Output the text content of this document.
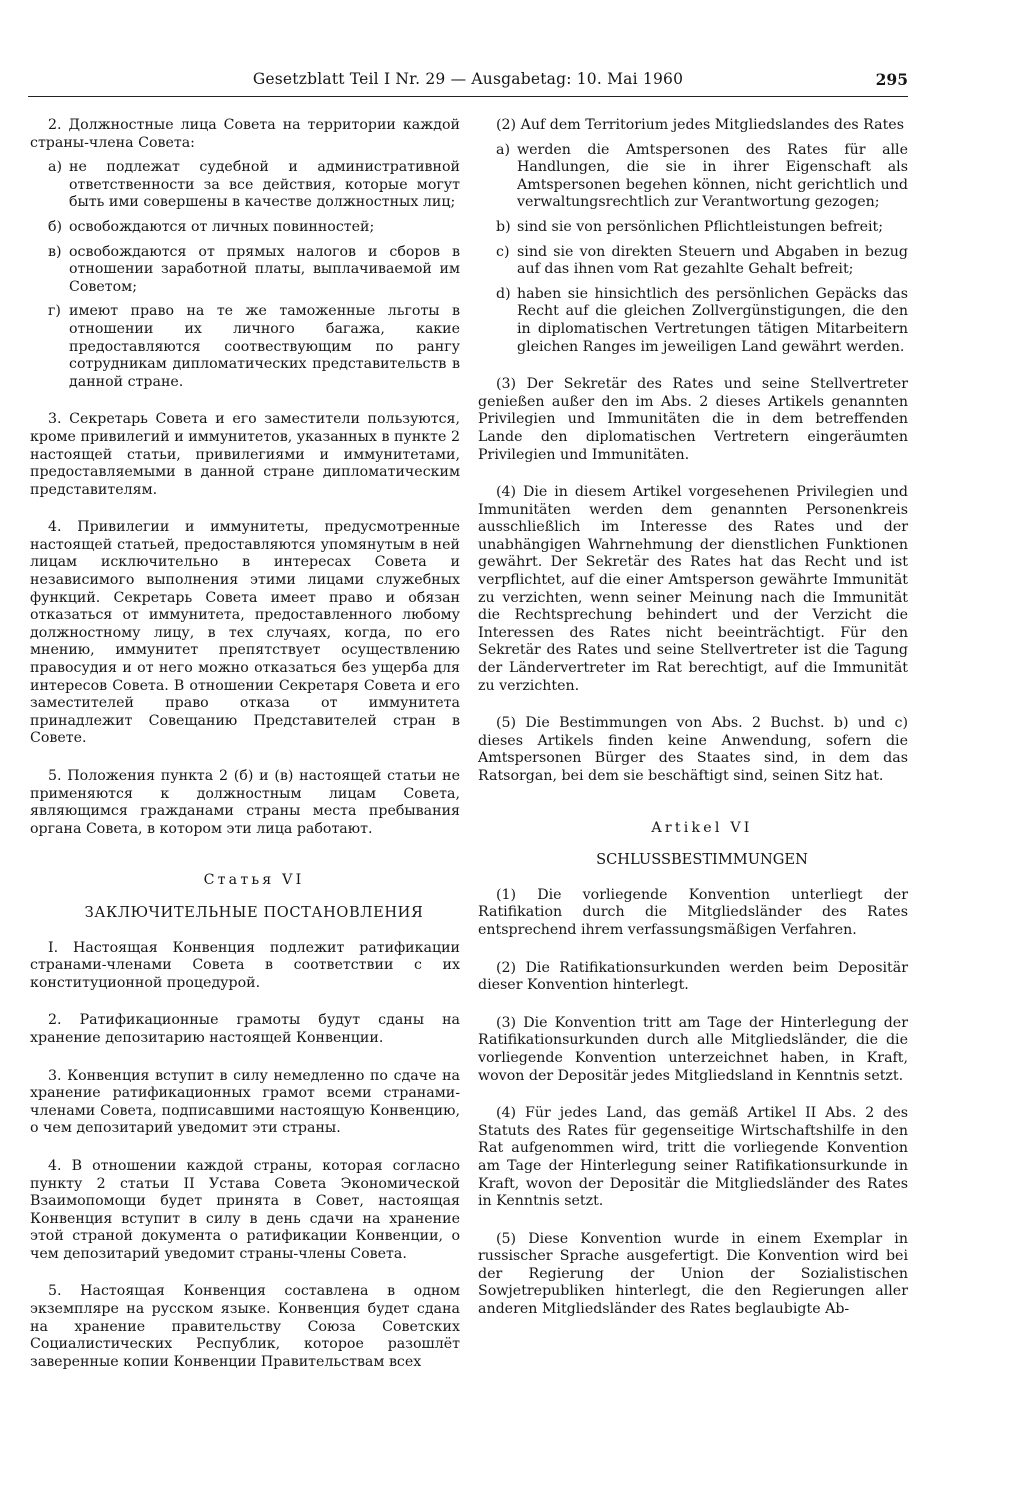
Gesetzblatt Teil I Nr. 29 — Ausgabetag: 10. Mai 1960	295

2. Должностные лица Совета на территории каждой страны-члена Совета:

а) не подлежат судебной и административной ответственности за все действия, которые могут быть ими совершены в качестве должностных лиц;
б) освобождаются от личных повинностей;
в) освобождаются от прямых налогов и сборов в отношении заработной платы, выплачиваемой им Советом;
г) имеют право на те же таможенные льготы в отношении их личного багажа, какие предоставляются соотвествующим по рангу сотрудникам дипломатических представительств в данной стране.

3. Секретарь Совета и его заместители пользуются, кроме привилегий и иммунитетов, указанных в пункте 2 настоящей статьи, привилегиями и иммунитетами, предоставляемыми в данной стране дипломатическим представителям.

4. Привилегии и иммунитеты, предусмотренные настоящей статьей, предоставляются упомянутым в ней лицам исключительно в интересах Совета и независимого выполнения этими лицами служебных функций. Секретарь Совета имеет право и обязан отказаться от иммунитета, предоставленного любому должностному лицу, в тех случаях, когда, по его мнению, иммунитет препятствует осуществлению правосудия и от него можно отказаться без ущерба для интересов Совета. В отношении Секретаря Совета и его заместителей право отказа от иммунитета принадлежит Совещанию Представителей стран в Совете.

5. Положения пункта 2 (б) и (в) настоящей статьи не применяются к должностным лицам Совета, являющимся гражданами страны места пребывания органа Совета, в котором эти лица работают.

Статья VI

ЗАКЛЮЧИТЕЛЬНЫЕ ПОСТАНОВЛЕНИЯ

I. Настоящая Конвенция подлежит ратификации странами-членами Совета в соответствии с их конституционной процедурой.

2. Ратификационные грамоты будут сданы на хранение депозитарию настоящей Конвенции.

3. Конвенция вступит в силу немедленно по сдаче на хранение ратификационных грамот всеми странами-членами Совета, подписавшими настоящую Конвенцию, о чем депозитарий уведомит эти страны.

4. В отношении каждой страны, которая согласно пункту 2 статьи II Устава Совета Экономической Взаимопомощи будет принята в Совет, настоящая Конвенция вступит в силу в день сдачи на хранение этой страной документа о ратификации Конвенции, о чем депозитарий уведомит страны-члены Совета.

5. Настоящая Конвенция составлена в одном экземпляре на русском языке. Конвенция будет сдана на хранение правительству Союза Советских Социалистических Республик, которое разошлёт заверенные копии Конвенции Правительствам всех

(2) Auf dem Territorium jedes Mitgliedslandes des Rates

a) werden die Amtspersonen des Rates für alle Handlungen, die sie in ihrer Eigenschaft als Amtspersonen begehen können, nicht gerichtlich und verwaltungsrechtlich zur Verantwortung gezogen;
b) sind sie von persönlichen Pflichtleistungen befreit;
c) sind sie von direkten Steuern und Abgaben in bezug auf das ihnen vom Rat gezahlte Gehalt befreit;
d) haben sie hinsichtlich des persönlichen Gepäcks das Recht auf die gleichen Zollvergünstigungen, die den in diplomatischen Vertretungen tätigen Mitarbeitern gleichen Ranges im jeweiligen Land gewährt werden.

(3) Der Sekretär des Rates und seine Stellvertreter genießen außer den im Abs. 2 dieses Artikels genannten Privilegien und Immunitäten die in dem betreffenden Lande den diplomatischen Vertretern eingeräumten Privilegien und Immunitäten.

(4) Die in diesem Artikel vorgesehenen Privilegien und Immunitäten werden dem genannten Personenkreis ausschließlich im Interesse des Rates und der unabhängigen Wahrnehmung der dienstlichen Funktionen gewährt. Der Sekretär des Rates hat das Recht und ist verpflichtet, auf die einer Amtsperson gewährte Immunität zu verzichten, wenn seiner Meinung nach die Immunität die Rechtsprechung behindert und der Verzicht die Interessen des Rates nicht beeinträchtigt. Für den Sekretär des Rates und seine Stellvertreter ist die Tagung der Ländervertreter im Rat berechtigt, auf die Immunität zu verzichten.

(5) Die Bestimmungen von Abs. 2 Buchst. b) und c) dieses Artikels finden keine Anwendung, sofern die Amtspersonen Bürger des Staates sind, in dem das Ratsorgan, bei dem sie beschäftigt sind, seinen Sitz hat.

Artikel VI

SCHLUSSBESTIMMUNGEN

(1) Die vorliegende Konvention unterliegt der Ratifikation durch die Mitgliedsländer des Rates entsprechend ihrem verfassungsmäßigen Verfahren.

(2) Die Ratifikationsurkunden werden beim Depositär dieser Konvention hinterlegt.

(3) Die Konvention tritt am Tage der Hinterlegung der Ratifikationsurkunden durch alle Mitgliedsländer, die die vorliegende Konvention unterzeichnet haben, in Kraft, wovon der Depositär jedes Mitgliedsland in Kenntnis setzt.

(4) Für jedes Land, das gemäß Artikel II Abs. 2 des Statuts des Rates für gegenseitige Wirtschaftshilfe in den Rat aufgenommen wird, tritt die vorliegende Konvention am Tage der Hinterlegung seiner Ratifikationsurkunde in Kraft, wovon der Depositär die Mitgliedsländer des Rates in Kenntnis setzt.

(5) Diese Konvention wurde in einem Exemplar in russischer Sprache ausgefertigt. Die Konvention wird bei der Regierung der Union der Sozialistischen Sowjetrepubliken hinterlegt, die den Regierungen aller anderen Mitgliedsländer des Rates beglaubigte Ab-
